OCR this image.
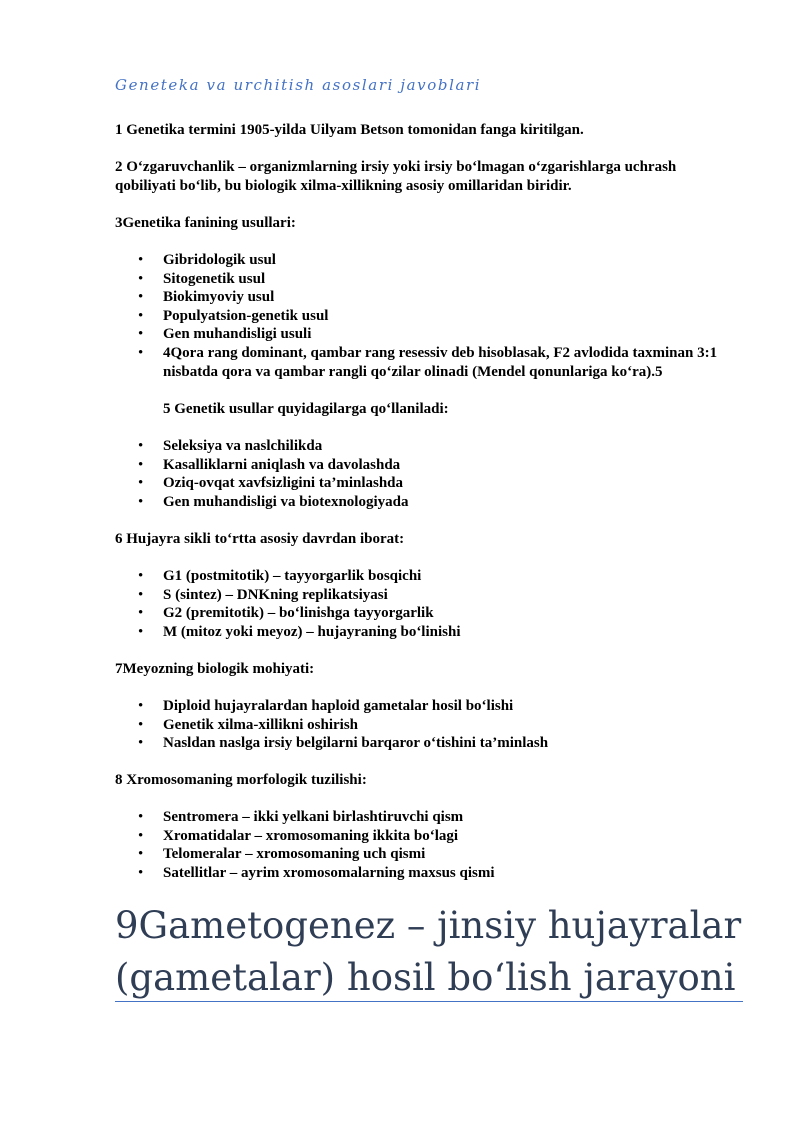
Geneteka va urchitish asoslari javoblari

1 Genetika termini 1905-yilda Uilyam Betson tomonidan fanga kiritilgan.

2 O‘zgaruvchanlik – organizmlarning irsiy yoki irsiy bo‘lmagan o‘zgarishlarga uchrash qobiliyati bo‘lib, bu biologik xilma-xillikning asosiy omillaridan biridir.

3Genetika fanining usullari:

• Gibridologik usul
• Sitogenetik usul
• Biokimyoviy usul
• Populyatsion-genetik usul
• Gen muhandisligi usuli
• 4Qora rang dominant, qambar rang resessiv deb hisoblasak, F2 avlodida taxminan 3:1 nisbatda qora va qambar rangli qo‘zilar olinadi (Mendel qonunlariga ko‘ra).5
5 Genetik usullar quyidagilarga qo‘llaniladi:
• Seleksiya va naslchilikda
• Kasalliklarni aniqlash va davolashda
• Oziq-ovqat xavfsizligini ta’minlashda
• Gen muhandisligi va biotexnologiyada

6 Hujayra sikli to‘rtta asosiy davrdan iborat:

• G1 (postmitotik) – tayyorgarlik bosqichi
• S (sintez) – DNKning replikatsiyasi
• G2 (premitotik) – bo‘linishga tayyorgarlik
• M (mitoz yoki meyoz) – hujayraning bo‘linishi

7Meyozning biologik mohiyati:

• Diploid hujayralardan haploid gametalar hosil bo‘lishi
• Genetik xilma-xillikni oshirish
• Nasldan naslga irsiy belgilarni barqaror o‘tishini ta’minlash

8 Xromosomaning morfologik tuzilishi:

• Sentromera – ikki yelkani birlashtiruvchi qism
• Xromatidalar – xromosomaning ikkita bo‘lagi
• Telomeralar – xromosomaning uch qismi
• Satellitlar – ayrim xromosomalarning maxsus qismi
9Gametogenez – jinsiy hujayralar (gametalar) hosil bo‘lish jarayoni
